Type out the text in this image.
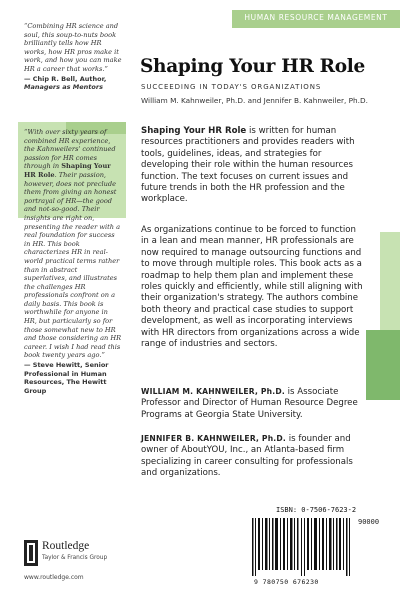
HUMAN RESOURCE MANAGEMENT
“Combining HR science and soul, this soup-to-nuts book brilliantly tells how HR works, how HR pros make it work, and how you can make HR a career that works.”
— Chip R. Bell, Author,
Managers as Mentors
“With over sixty years of combined HR experience, the Kahnweilers' continued passion for HR comes through in Shaping Your HR Role. Their passion, however, does not preclude them from giving an honest portrayal of HR—the good and not-so-good. Their insights are right on, presenting the reader with a real foundation for success in HR. This book characterizes HR in real-world practical terms rather than in abstract superlatives, and illustrates the challenges HR professionals confront on a daily basis. This book is worthwhile for anyone in HR, but particularly so for those somewhat new to HR and those considering an HR career. I wish I had read this book twenty years ago.”
— Steve Hewitt, Senior Professional in Human Resources, The Hewitt Group
Shaping Your HR Role
SUCCEEDING IN TODAY'S ORGANIZATIONS
William M. Kahnweiler, Ph.D. and Jennifer B. Kahnweiler, Ph.D.
Shaping Your HR Role is written for human resources practitioners and provides readers with tools, guidelines, ideas, and strategies for developing their role within the human resources function. The text focuses on current issues and future trends in both the HR profession and the workplace.
As organizations continue to be forced to function in a lean and mean manner, HR professionals are now required to manage outsourcing functions and to move through multiple roles. This book acts as a roadmap to help them plan and implement these roles quickly and efficiently, while still aligning with their organization's strategy. The authors combine both theory and practical case studies to support development, as well as incorporating interviews with HR directors from organizations across a wide range of industries and sectors.
WILLIAM M. KAHNWEILER, Ph.D. is Associate Professor and Director of Human Resource Degree Programs at Georgia State University.
JENNIFER B. KAHNWEILER, Ph.D. is founder and owner of AboutYOU, Inc., an Atlanta-based firm specializing in career consulting for professionals and organizations.
ISBN: 0-7506-7623-2
90000
9 780750 676230
Routledge
Taylor & Francis Group
www.routledge.com
